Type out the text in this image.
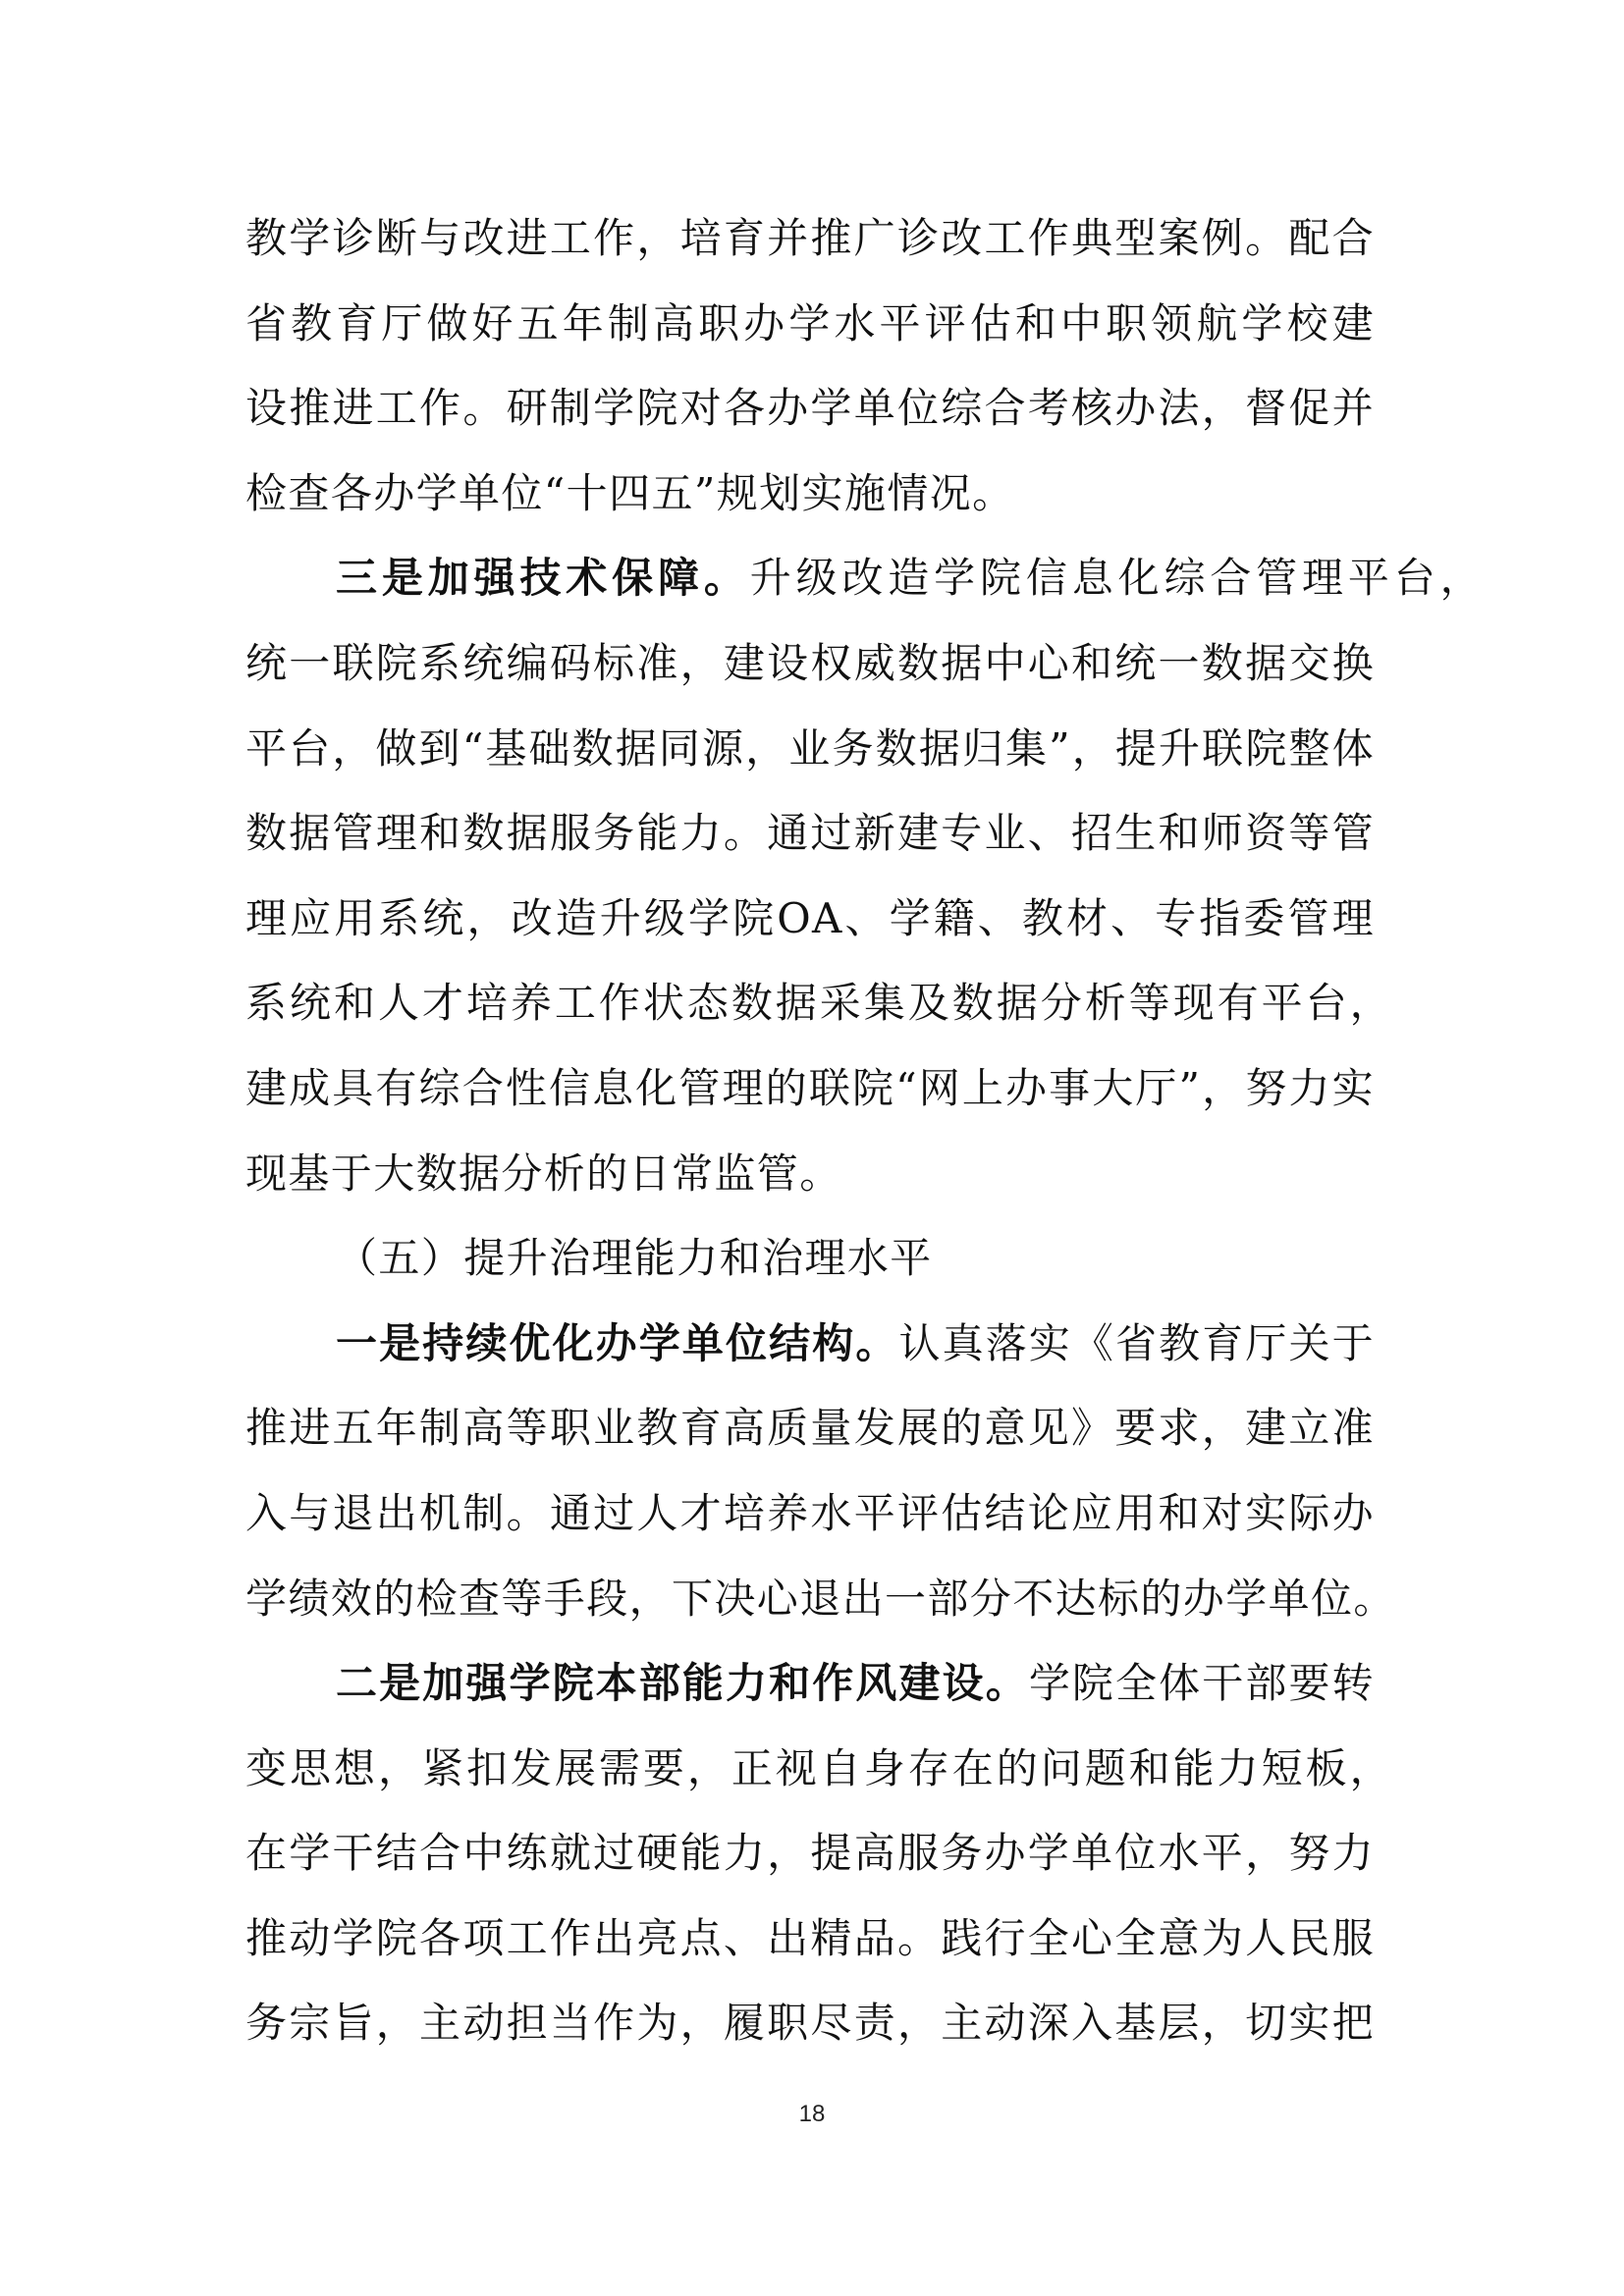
教学诊断与改进工作，培育并推广诊改工作典型案例。配合
省教育厅做好五年制高职办学水平评估和中职领航学校建
设推进工作。研制学院对各办学单位综合考核办法，督促并
检查各办学单位“十四五”规划实施情况。
三是加强技术保障。升级改造学院信息化综合管理平台，
统一联院系统编码标准，建设权威数据中心和统一数据交换
平台，做到“基础数据同源，业务数据归集”，提升联院整体
数据管理和数据服务能力。通过新建专业、招生和师资等管
理应用系统，改造升级学院OA、学籍、教材、专指委管理
系统和人才培养工作状态数据采集及数据分析等现有平台，
建成具有综合性信息化管理的联院“网上办事大厅”，努力实
现基于大数据分析的日常监管。
（五）提升治理能力和治理水平
一是持续优化办学单位结构。认真落实《省教育厅关于
推进五年制高等职业教育高质量发展的意见》要求，建立准
入与退出机制。通过人才培养水平评估结论应用和对实际办
学绩效的检查等手段，下决心退出一部分不达标的办学单位。
二是加强学院本部能力和作风建设。学院全体干部要转
变思想，紧扣发展需要，正视自身存在的问题和能力短板，
在学干结合中练就过硬能力，提高服务办学单位水平，努力
推动学院各项工作出亮点、出精品。践行全心全意为人民服
务宗旨，主动担当作为，履职尽责，主动深入基层，切实把
18
